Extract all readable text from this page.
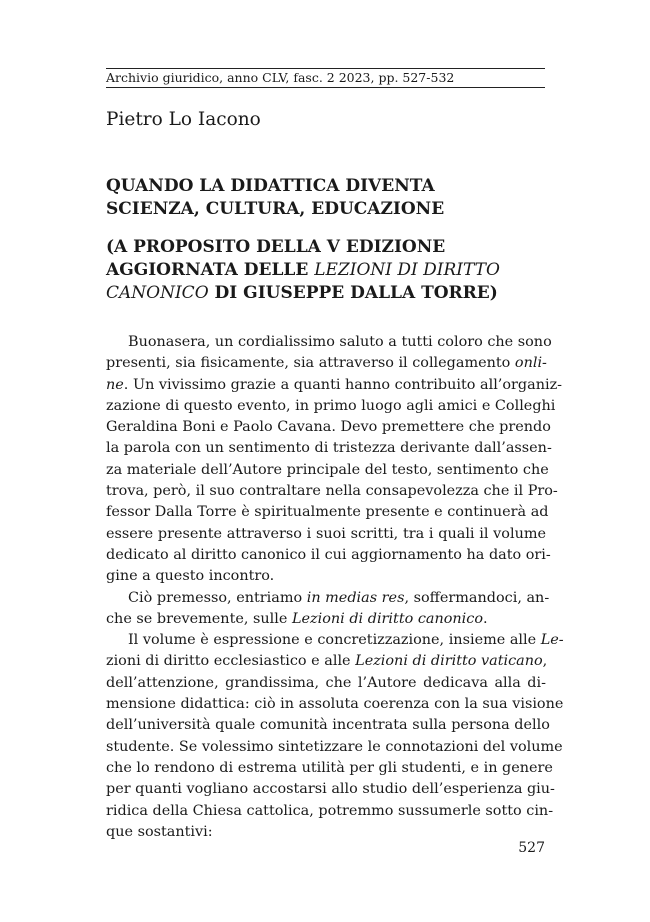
Archivio giuridico, anno CLV, fasc. 2 2023, pp. 527-532
Pietro Lo Iacono
QUANDO LA DIDATTICA DIVENTA
SCIENZA, CULTURA, EDUCAZIONE
(A PROPOSITO DELLA V EDIZIONE
AGGIORNATA DELLE LEZIONI DI DIRITTO
CANONICO DI GIUSEPPE DALLA TORRE)
Buonasera, un cordialissimo saluto a tutti coloro che sono
presenti, sia fisicamente, sia attraverso il collegamento onli-
ne. Un vivissimo grazie a quanti hanno contribuito all’organiz-
zazione di questo evento, in primo luogo agli amici e Colleghi
Geraldina Boni e Paolo Cavana. Devo premettere che prendo
la parola con un sentimento di tristezza derivante dall’assen-
za materiale dell’Autore principale del testo, sentimento che
trova, però, il suo contraltare nella consapevolezza che il Pro-
fessor Dalla Torre è spiritualmente presente e continuerà ad
essere presente attraverso i suoi scritti, tra i quali il volume
dedicato al diritto canonico il cui aggiornamento ha dato ori-
gine a questo incontro.
Ciò premesso, entriamo in medias res, soffermandoci, an-
che se brevemente, sulle Lezioni di diritto canonico.
Il volume è espressione e concretizzazione, insieme alle Le-
zioni di diritto ecclesiastico e alle Lezioni di diritto vaticano,
dell’attenzione, grandissima, che l’Autore dedicava alla di-
mensione didattica: ciò in assoluta coerenza con la sua visione
dell’università quale comunità incentrata sulla persona dello
studente. Se volessimo sintetizzare le connotazioni del volume
che lo rendono di estrema utilità per gli studenti, e in genere
per quanti vogliano accostarsi allo studio dell’esperienza giu-
ridica della Chiesa cattolica, potremmo sussumerle sotto cin-
que sostantivi:
527
